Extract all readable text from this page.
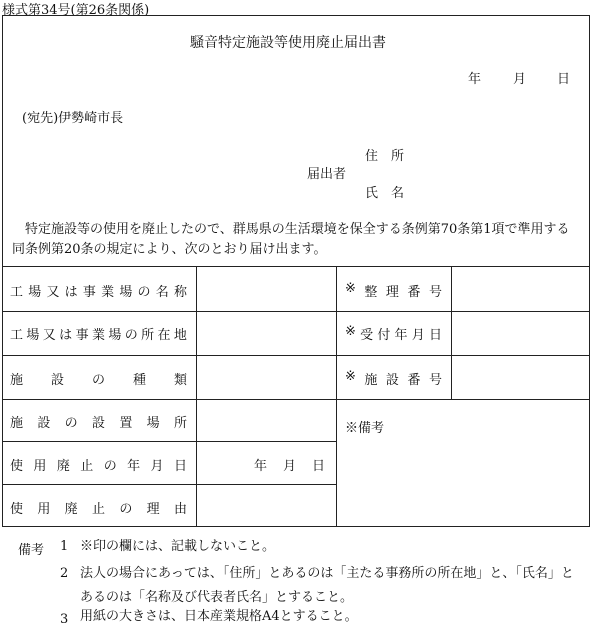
様式第34号(第26条関係)
騒音特定施設等使用廃止届出書
年 月 日
(宛先)伊勢崎市長
住　所
届出者
氏　名
特定施設等の使用を廃止したので、群馬県の生活環境を保全する条例第70条第1項で準用する同条例第20条の規定により、次のとおり届け出ます。
工 場 又 は 事 業 場 の 名 称
工 場 又 は 事 業 場 の 所 在 地
施 設 の 種 類
施 設 の 設 置 場 所
使 用 廃 止 の 年 月 日
使 用 廃 止 の 理 由
年 月 日
※ 整 理 番 号
※ 受 付 年 月 日
※ 施 設 番 号
※備考
備考 1 ※印の欄には、記載しないこと。
2 法人の場合にあっては、「住所」とあるのは「主たる事務所の所在地」と、「氏名」とあるのは「名称及び代表者氏名」とすること。
3 用紙の大きさは、日本産業規格A4とすること。
